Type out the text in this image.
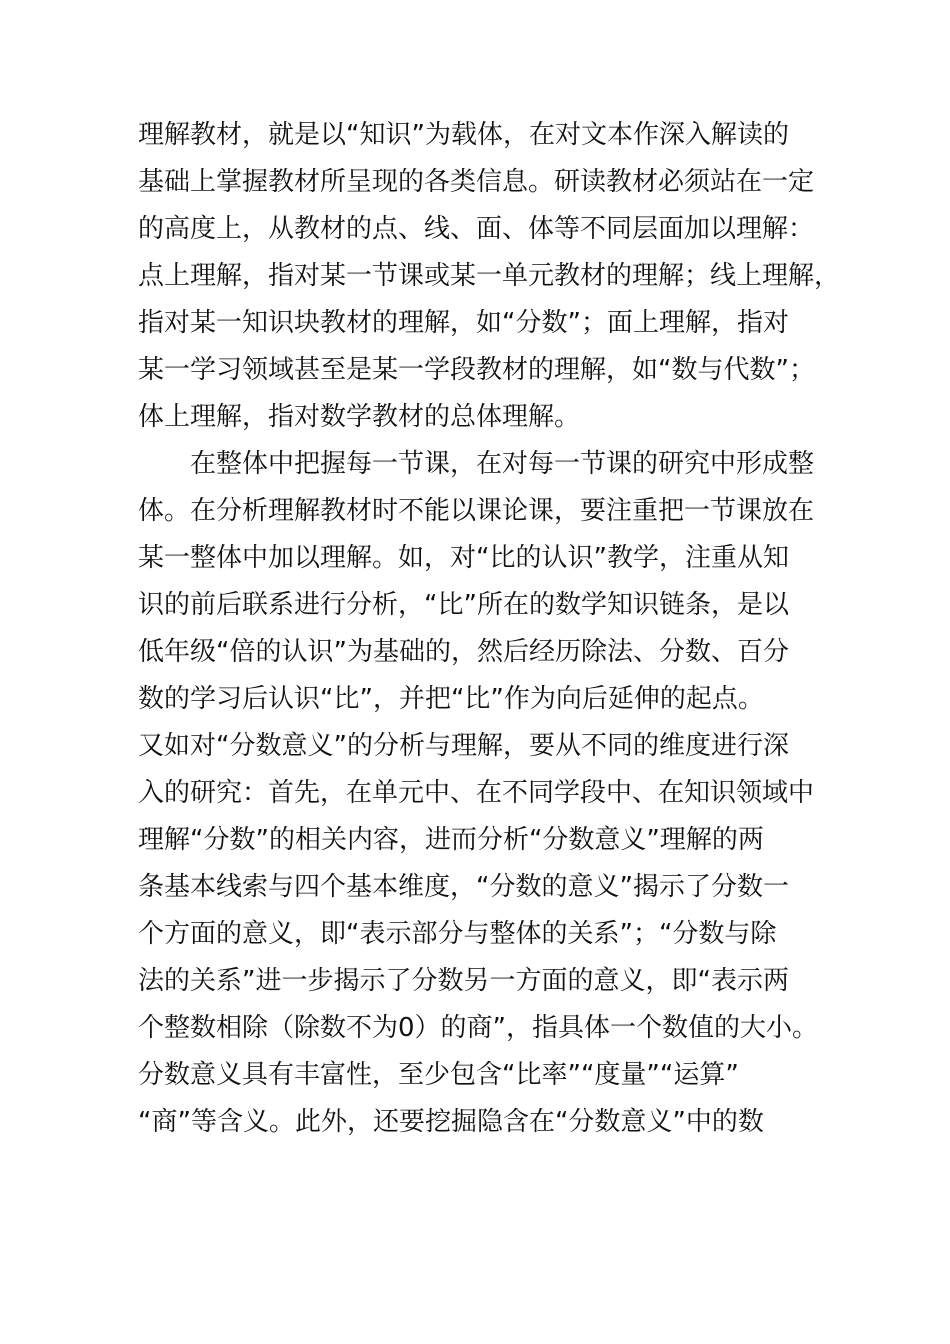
理解教材，就是以“知识”为载体，在对文本作深入解读的
基础上掌握教材所呈现的各类信息。研读教材必须站在一定
的高度上，从教材的点、线、面、体等不同层面加以理解：
点上理解，指对某一节课或某一单元教材的理解；线上理解，
指对某一知识块教材的理解，如“分数”；面上理解，指对
某一学习领域甚至是某一学段教材的理解，如“数与代数”；
体上理解，指对数学教材的总体理解。
　　在整体中把握每一节课，在对每一节课的研究中形成整
体。在分析理解教材时不能以课论课，要注重把一节课放在
某一整体中加以理解。如，对“比的认识”教学，注重从知
识的前后联系进行分析，“比”所在的数学知识链条，是以
低年级“倍的认识”为基础的，然后经历除法、分数、百分
数的学习后认识“比”，并把“比”作为向后延伸的起点。
又如对“分数意义”的分析与理解，要从不同的维度进行深
入的研究：首先，在单元中、在不同学段中、在知识领域中
理解“分数”的相关内容，进而分析“分数意义”理解的两
条基本线索与四个基本维度，“分数的意义”揭示了分数一
个方面的意义，即“表示部分与整体的关系”；“分数与除
法的关系”进一步揭示了分数另一方面的意义，即“表示两
个整数相除（除数不为0）的商”，指具体一个数值的大小。
分数意义具有丰富性，至少包含“比率”“度量”“运算”
“商”等含义。此外，还要挖掘隐含在“分数意义”中的数
